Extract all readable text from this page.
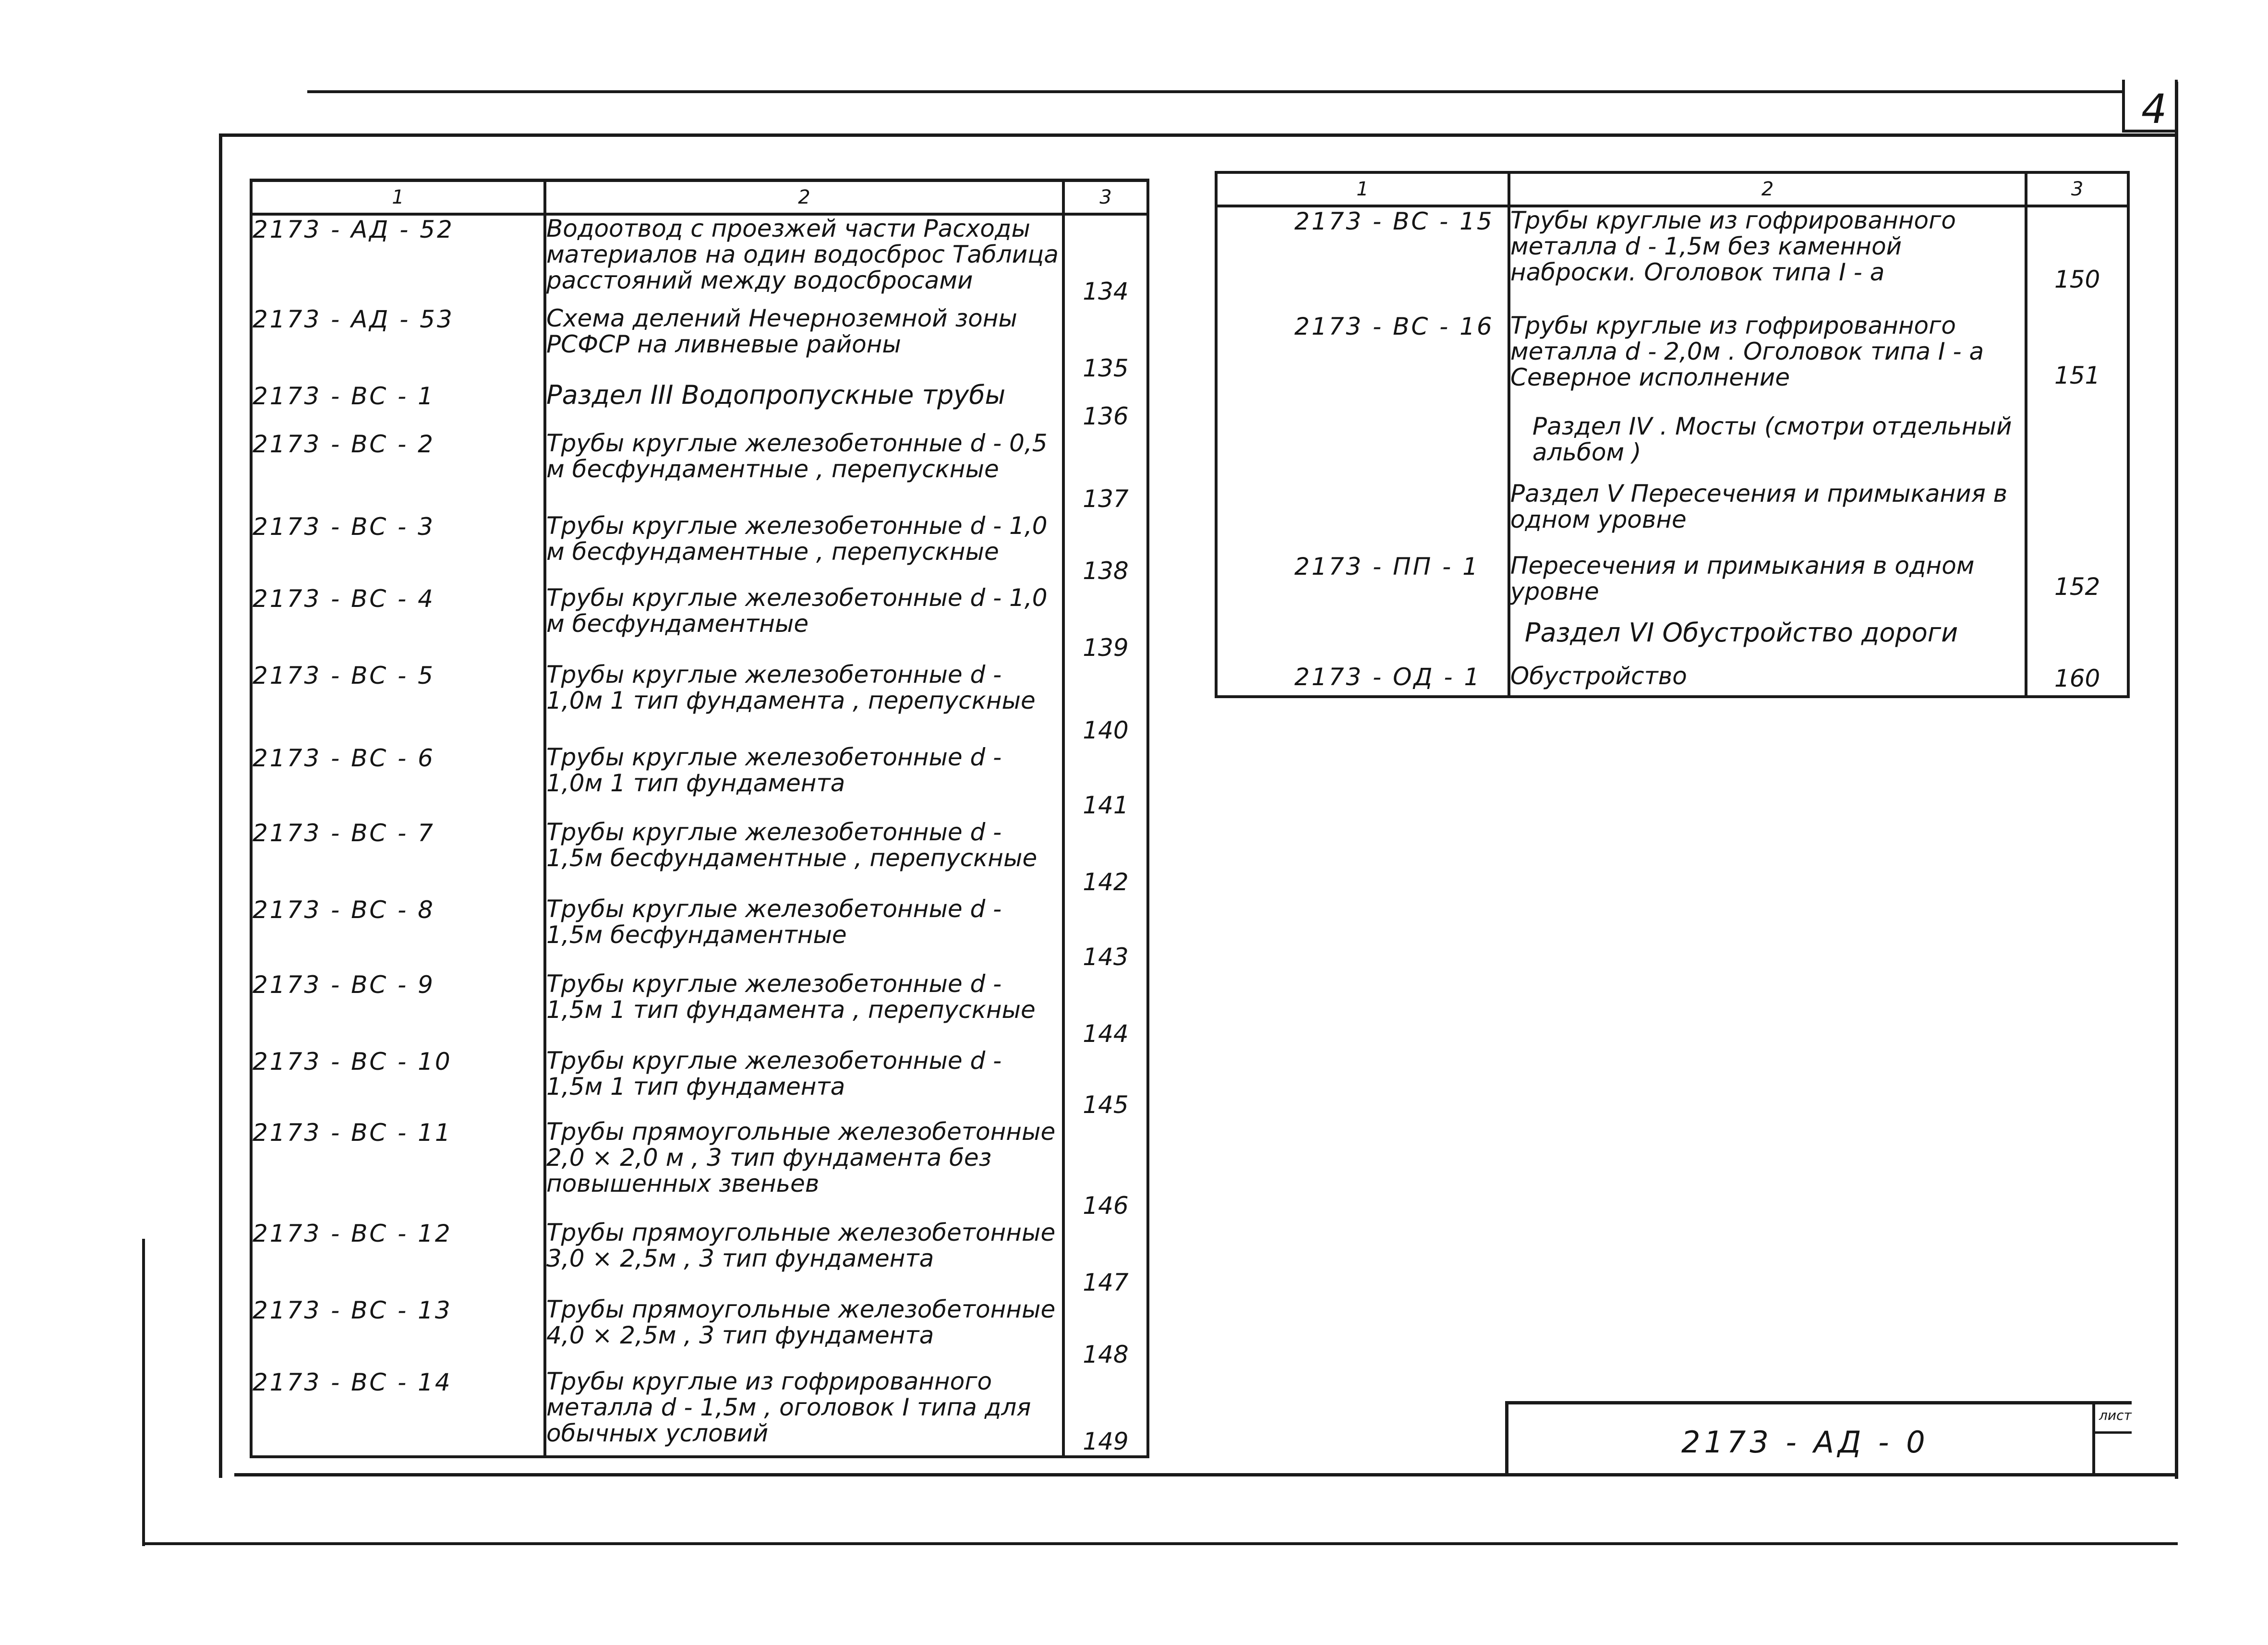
4
1	2	3
2173 - АД - 52	Водоотвод с проезжей части Расходы материалов на один водосброс Таблица расстояний между водосбросами	134

2173 - АД - 53	Схема делений Нечерноземной зоны РСФСР на ливневые районы	135

2173 - ВС - 1	Раздел III Водопропускные трубы	136

2173 - ВС - 2	Трубы круглые железобетонные d - 0,5 м бесфундаментные , перепускные	137

2173 - ВС - 3	Трубы круглые железобетонные d - 1,0 м бесфундаментные , перепускные	138

2173 - ВС - 4	Трубы круглые железобетонные d - 1,0 м бесфундаментные	139

2173 - ВС - 5	Трубы круглые железобетонные d - 1,0м 1 тип фундамента , перепускные	140

2173 - ВС - 6	Трубы круглые железобетонные d - 1,0м 1 тип фундамента	141

2173 - ВС - 7	Трубы круглые железобетонные d - 1,5м бесфундаментные , перепускные	142

2173 - ВС - 8	Трубы круглые железобетонные d - 1,5м бесфундаментные	143

2173 - ВС - 9	Трубы круглые железобетонные d - 1,5м 1 тип фундамента , перепускные	144

2173 - ВС - 10	Трубы круглые железобетонные d - 1,5м 1 тип фундамента	145

2173 - ВС - 11	Трубы прямоугольные железобетонные 2,0 × 2,0 м , 3 тип фундамента без повышенных звеньев	146

2173 - ВС - 12	Трубы прямоугольные железобетонные 3,0 × 2,5м , 3 тип фундамента	147

2173 - ВС - 13	Трубы прямоугольные железобетонные 4,0 × 2,5м , 3 тип фундамента	148

2173 - ВС - 14	Трубы круглые из гофрированного металла d - 1,5м , оголовок I типа для обычных условий	149
1	2	3
2173 - ВС - 15	Трубы круглые из гофрированного металла d - 1,5м без каменной наброски. Оголовок типа I - а	150

2173 - ВС - 16	Трубы круглые из гофрированного металла d - 2,0м . Оголовок типа I - а Северное исполнение	151

	Раздел IV . Мосты (смотри отдельный альбом )	

	Раздел V Пересечения и примыкания в одном уровне	

2173 - ПП - 1	Пересечения и примыкания в одном уровне	152

	Раздел VI Обустройство дороги	

2173 - ОД - 1	Обустройство	160
2173 - АД - 0
лист
